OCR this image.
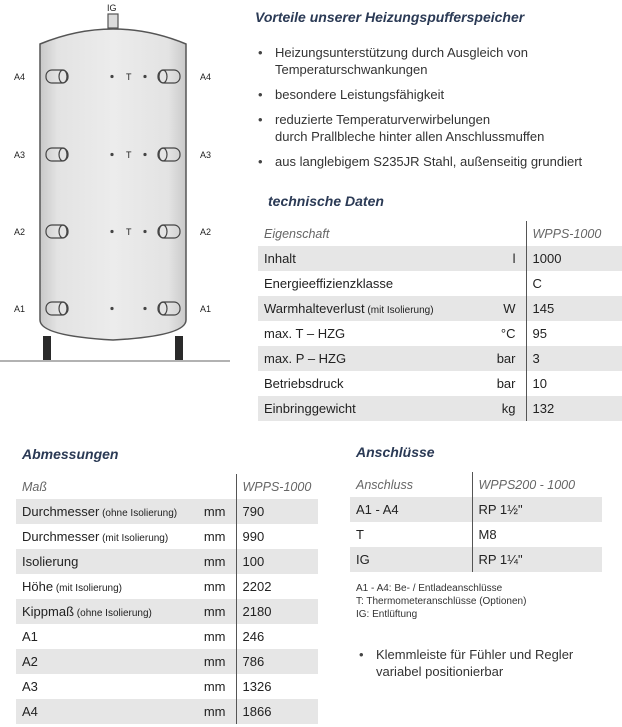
IG
A4
A3
A2
A1
A4
A3
A2
A1
T
T
T
Vorteile unserer Heizungspufferspeicher
• Heizungsunterstützung durch Ausgleich von
Temperaturschwankungen
• besondere Leistungsfähigkeit
• reduzierte Temperaturverwirbelungen
durch Prallbleche hinter allen Anschlussmuffen
• aus langlebigem S235JR Stahl, außenseitig grundiert
technische Daten
Eigenschaft		WPPS-1000
Inhalt	l	1000
Energieeffizienzklasse		C
Warmhalteverlust (mit Isolierung)	W	145
max. T – HZG	°C	95
max. P – HZG	bar	3
Betriebsdruck	bar	10
Einbringgewicht	kg	132
Abmessungen
Maß		WPPS-1000
Durchmesser (ohne Isolierung)	mm	790
Durchmesser (mit Isolierung)	mm	990
Isolierung	mm	100
Höhe (mit Isolierung)	mm	2202
Kippmaß (ohne Isolierung)	mm	2180
A1	mm	246
A2	mm	786
A3	mm	1326
A4	mm	1866
Anschlüsse
Anschluss	WPPS200 - 1000
A1 - A4	RP 1½"
T	M8
IG	RP 1¼"
A1 - A4: Be- / Entladeanschlüsse
T: Thermometeranschlüsse (Optionen)
IG: Entlüftung
• Klemmleiste für Fühler und Regler
variabel positionierbar
